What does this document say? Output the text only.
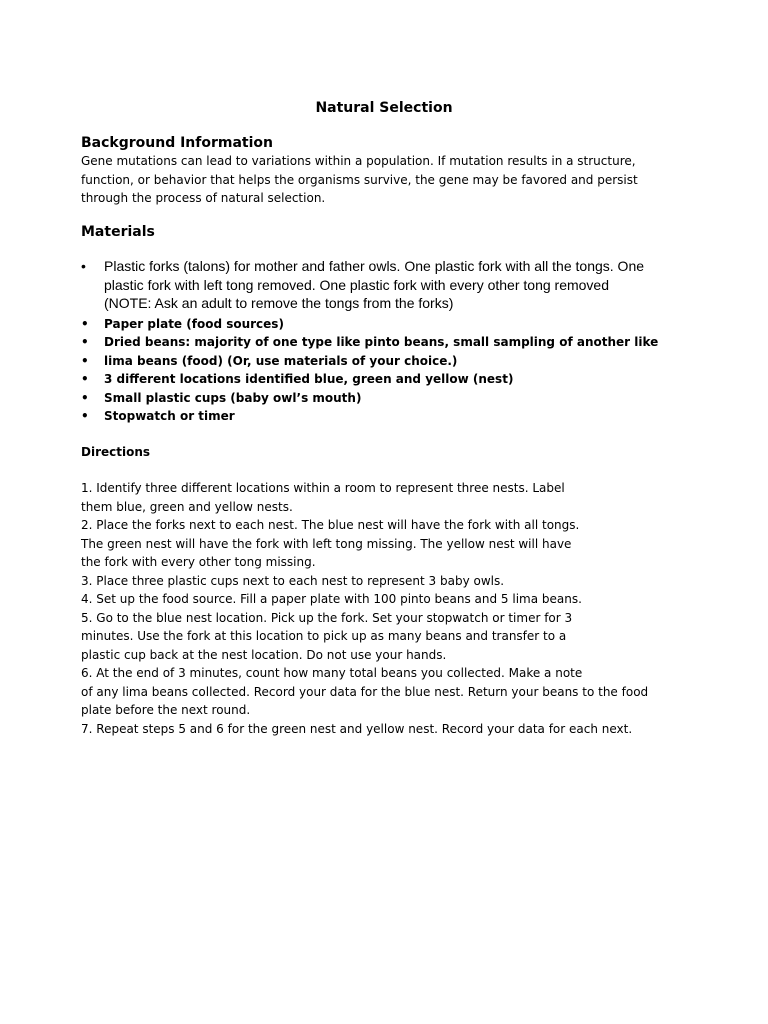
Natural Selection
Background Information
Gene mutations can lead to variations within a population. If mutation results in a structure,
function, or behavior that helps the organisms survive, the gene may be favored and persist
through the process of natural selection.
Materials
• Plastic forks (talons) for mother and father owls. One plastic fork with all the tongs. One
plastic fork with left tong removed. One plastic fork with every other tong removed
(NOTE: Ask an adult to remove the tongs from the forks)
• Paper plate (food sources)
• Dried beans: majority of one type like pinto beans, small sampling of another like
• lima beans (food) (Or, use materials of your choice.)
• 3 different locations identified blue, green and yellow (nest)
• Small plastic cups (baby owl’s mouth)
• Stopwatch or timer
Directions
1. Identify three different locations within a room to represent three nests. Label
them blue, green and yellow nests.
2. Place the forks next to each nest. The blue nest will have the fork with all tongs.
The green nest will have the fork with left tong missing. The yellow nest will have
the fork with every other tong missing.
3. Place three plastic cups next to each nest to represent 3 baby owls.
4. Set up the food source. Fill a paper plate with 100 pinto beans and 5 lima beans.
5. Go to the blue nest location. Pick up the fork. Set your stopwatch or timer for 3
minutes. Use the fork at this location to pick up as many beans and transfer to a
plastic cup back at the nest location. Do not use your hands.
6. At the end of 3 minutes, count how many total beans you collected. Make a note
of any lima beans collected. Record your data for the blue nest. Return your beans to the food
plate before the next round.
7. Repeat steps 5 and 6 for the green nest and yellow nest. Record your data for each next.
